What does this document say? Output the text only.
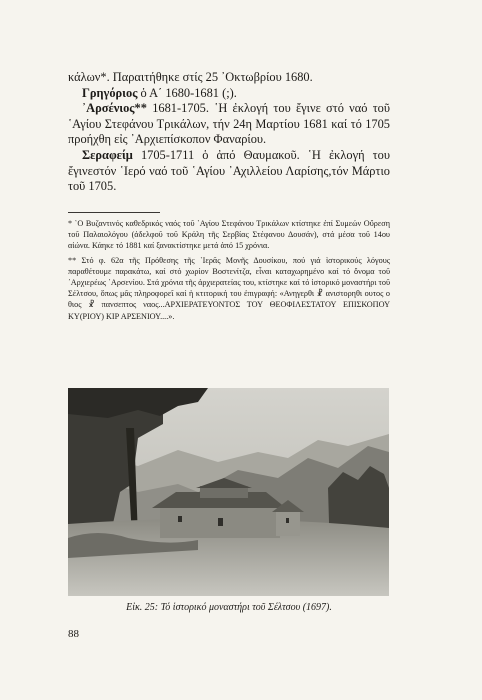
κάλων*. Παραιτήθηκε στίς 25 ᾿Οκτωβρίου 1680.

Γρηγόριος ὁ Α΄ 1680-1681 (;).

᾿Αρσένιος** 1681-1705. ῾Η ἐκλογή του ἔγινε στό ναό τοῦ ῾Αγίου Στεφάνου Τρικάλων, τήν 24η Μαρτίου 1681 καί τό 1705 προήχθη εἰς ᾿Αρχιεπίσκοπον Φαναρίου.

Σεραφείμ 1705-1711 ὁ ἀπό Θαυμακοῦ. ῾Η ἐκλογή του ἔγινεστόν ῾Ιερό ναό τοῦ ῾Αγίου ᾿Αχιλλείου Λαρίσης,τόν Μάρτιο τοῦ 1705.

* ῾Ο Βυζαντινός καθεδρικός ναός τοῦ ῾Αγίου Στεφάνου Τρικάλων κτίστηκε ἐπί Συμεών Οὔρεση τοῦ Παλαιολόγου (ἀδελφοῦ τοῦ Κράλη τῆς Σερβίας Στέφανου Δουσάν), στά μέσα τοῦ 14ου αἰώνα. Κάηκε τό 1881 καί ξανακτίστηκε μετά ἀπό 15 χρόνια.

** Στό φ. 62α τῆς Πρόθεσης τῆς ῾Ιερᾶς Μονῆς Δουσίκου, πού γιά ἱστορικούς λόγους παραθέτουμε παρακάτω, καί στό χωρίον Βοστενίτζα, εἶναι καταχωρημένο καί τό ὄνομα τοῦ ᾿Αρχιερέως ᾿Αρσενίου. Στά χρόνια τῆς ἀρχιερατείας του, κτίστηκε καί τό ἱστορικό μοναστήρι τοῦ Σέλτσου, ὅπως μᾶς πληροφορεῖ καί ἡ κτιτορική του ἐπιγραφή: «Ανηγερθι ☧ ανιστορηθι ουτος ο θιος ☧ πανσεπτος ναος...ΑΡΧΙΕΡΑΤΕΥΟΝΤΟΣ ΤΟΥ ΘΕΟΦΙΛΕΣΤΑΤΟΥ ΕΠΙΣΚΟΠΟΥ ΚΥ(ΡΙΟΥ) ΚΙΡ ΑΡΣΕΝΙΟΥ....».

Εἰκ. 25: Τό ἱστορικό μοναστήρι τοῦ Σέλτσου (1697).
88
